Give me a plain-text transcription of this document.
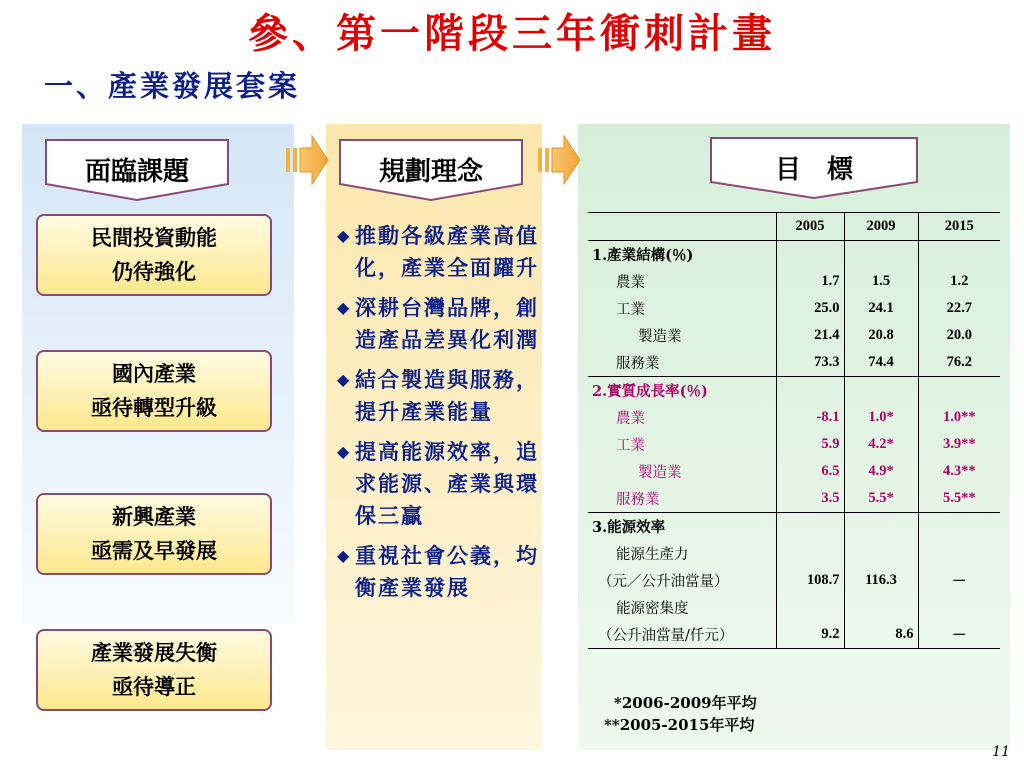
參、第一階段三年衝刺計畫
一、產業發展套案
面臨課題	規劃理念	目　標
民間投資動能
仍待強化
國內產業
亟待轉型升級
新興產業
亟需及早發展
產業發展失衡
亟待導正
◆ 推動各級產業高值化，產業全面躍升
◆ 深耕台灣品牌，創造產品差異化利潤
◆ 結合製造與服務，提升產業能量
◆ 提高能源效率，追求能源、產業與環保三贏
◆ 重視社會公義，均衡產業發展
	2005	2009	2015
1.產業結構(％)			
農業	1.7	1.5	1.2
工業	25.0	24.1	22.7
製造業	21.4	20.8	20.0
服務業	73.3	74.4	76.2
2.實質成長率(％)			
農業	-8.1	1.0*	1.0**
工業	5.9	4.2*	3.9**
製造業	6.5	4.9*	4.3**
服務業	3.5	5.5*	5.5**
3.能源效率			
能源生產力			
（元／公升油當量）	108.7	116.3	－
能源密集度			
（公升油當量/仟元）	9.2	8.6	－
*2006-2009年平均
**2005-2015年平均
11
